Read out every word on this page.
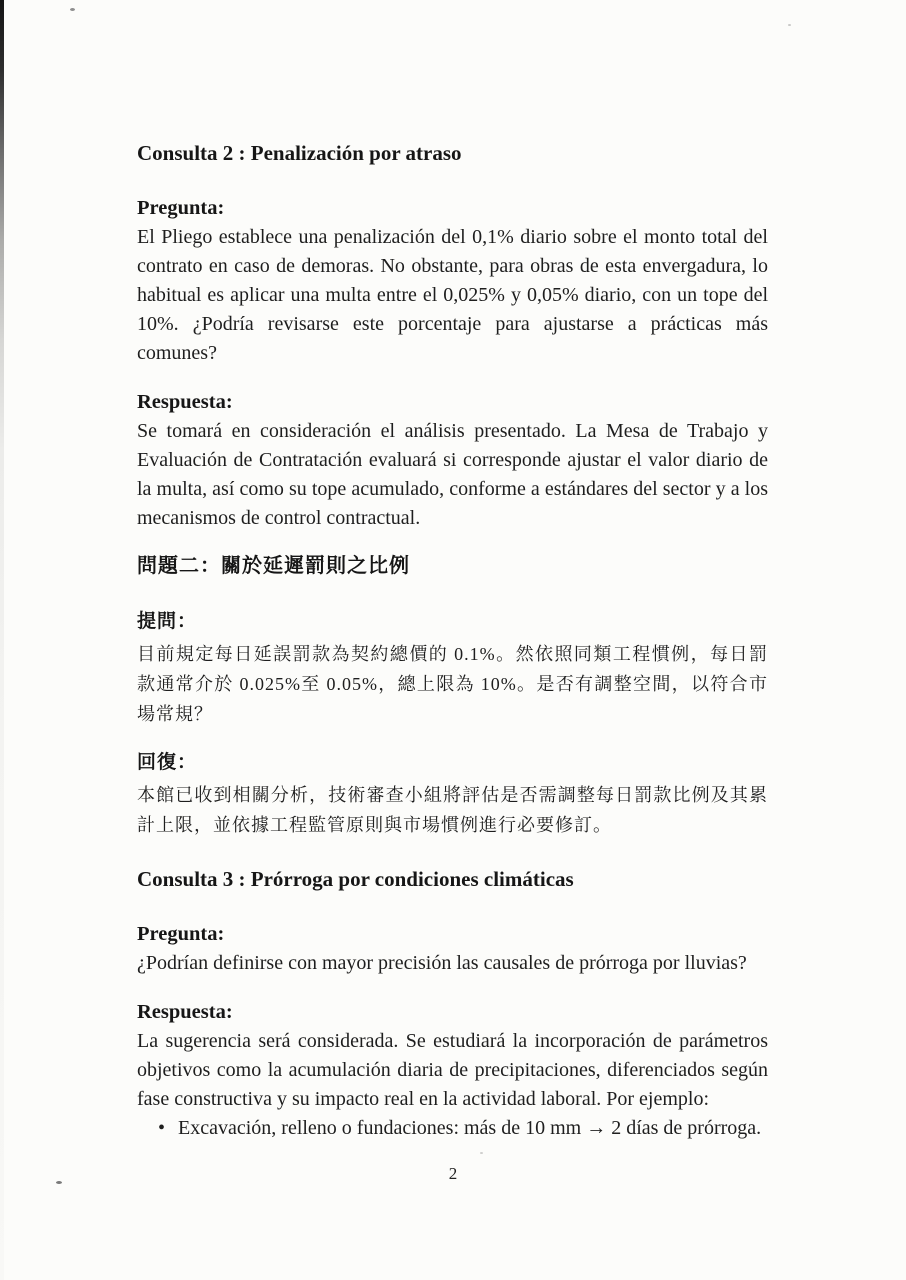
Consulta 2 : Penalización por atraso
Pregunta:

El Pliego establece una penalización del 0,1% diario sobre el monto total del contrato en caso de demoras. No obstante, para obras de esta envergadura, lo habitual es aplicar una multa entre el 0,025% y 0,05% diario, con un tope del 10%. ¿Podría revisarse este porcentaje para ajustarse a prácticas más comunes?

Respuesta:

Se tomará en consideración el análisis presentado. La Mesa de Trabajo y Evaluación de Contratación evaluará si corresponde ajustar el valor diario de la multa, así como su tope acumulado, conforme a estándares del sector y a los mecanismos de control contractual.

問題二：關於延遲罰則之比例
提問：

目前規定每日延誤罰款為契約總價的 0.1%。然依照同類工程慣例，每日罰款通常介於 0.025%至 0.05%，總上限為 10%。是否有調整空間，以符合市場常規？

回復：

本館已收到相關分析，技術審查小組將評估是否需調整每日罰款比例及其累計上限，並依據工程監管原則與市場慣例進行必要修訂。

Consulta 3 : Prórroga por condiciones climáticas
Pregunta:

¿Podrían definirse con mayor precisión las causales de prórroga por lluvias?

Respuesta:

La sugerencia será considerada. Se estudiará la incorporación de parámetros objetivos como la acumulación diaria de precipitaciones, diferenciados según fase constructiva y su impacto real en la actividad laboral. Por ejemplo:

• Excavación, relleno o fundaciones: más de 10 mm → 2 días de prórroga.
2
